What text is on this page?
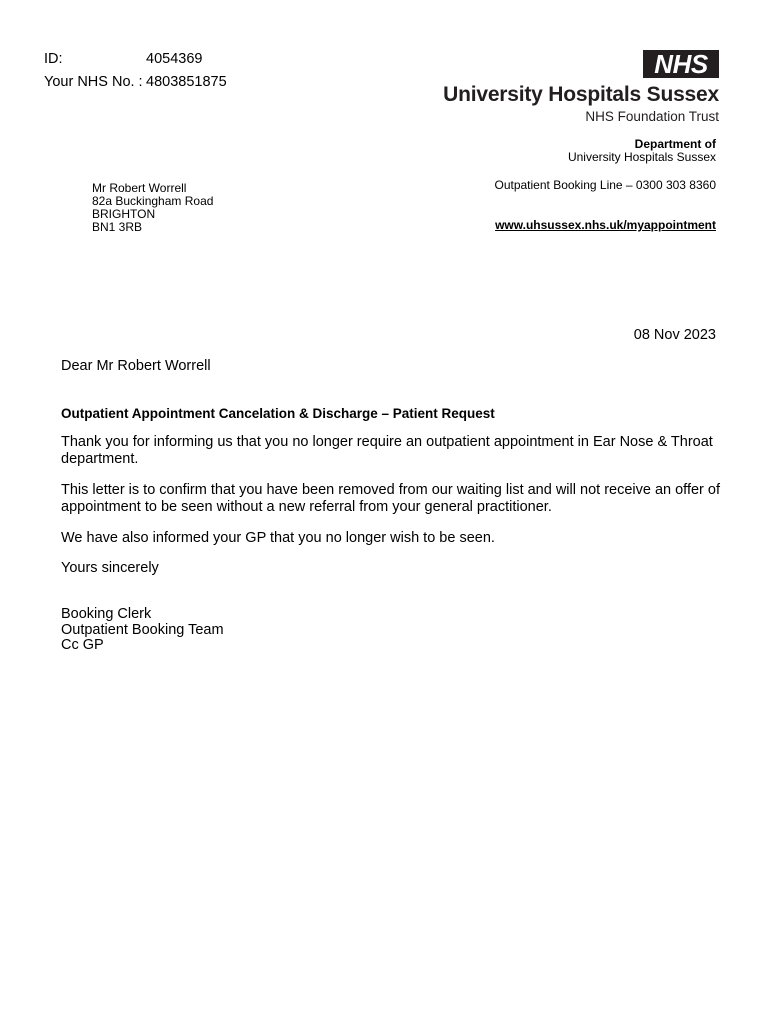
ID:	4054369
Your NHS No. : 4803851875
NHS
University Hospitals Sussex
NHS Foundation Trust
Department of
University Hospitals Sussex
Outpatient Booking Line – 0300 303 8360
www.uhsussex.nhs.uk/myappointment
Mr Robert Worrell
82a Buckingham Road
BRIGHTON
BN1 3RB
08 Nov 2023
Dear Mr Robert Worrell
Outpatient Appointment Cancelation & Discharge – Patient Request
Thank you for informing us that you no longer require an outpatient appointment in Ear Nose & Throat department.
This letter is to confirm that you have been removed from our waiting list and will not receive an offer of appointment to be seen without a new referral from your general practitioner.
We have also informed your GP that you no longer wish to be seen.
Yours sincerely
Booking Clerk
Outpatient Booking Team
Cc GP
